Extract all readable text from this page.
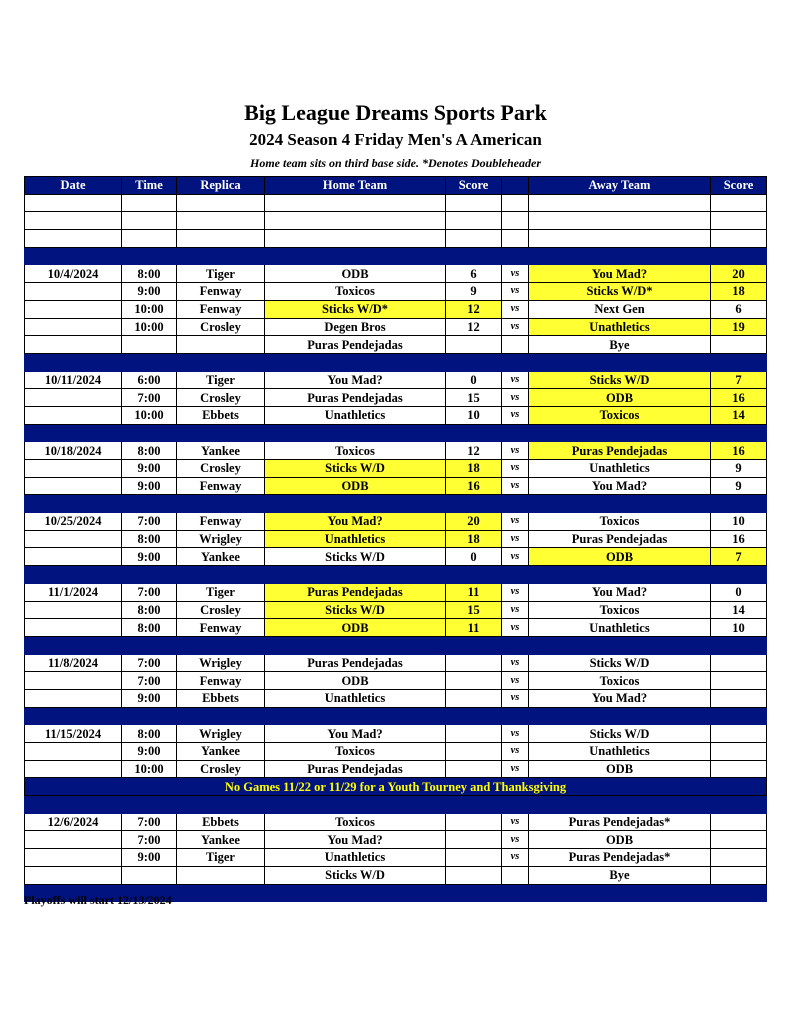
Big League Dreams Sports Park
2024 Season 4 Friday Men's A American
Home team sits on third base side. *Denotes Doubleheader
Date	Time	Replica	Home Team	Score		Away Team	Score

10/4/2024	8:00	Tiger	ODB	6	vs	You Mad?	20
	9:00	Fenway	Toxicos	9	vs	Sticks W/D*	18
	10:00	Fenway	Sticks W/D*	12	vs	Next Gen	6
	10:00	Crosley	Degen Bros	12	vs	Unathletics	19
			Puras Pendejadas			Bye	

10/11/2024	6:00	Tiger	You Mad?	0	vs	Sticks W/D	7
	7:00	Crosley	Puras Pendejadas	15	vs	ODB	16
	10:00	Ebbets	Unathletics	10	vs	Toxicos	14

10/18/2024	8:00	Yankee	Toxicos	12	vs	Puras Pendejadas	16
	9:00	Crosley	Sticks W/D	18	vs	Unathletics	9
	9:00	Fenway	ODB	16	vs	You Mad?	9

10/25/2024	7:00	Fenway	You Mad?	20	vs	Toxicos	10
	8:00	Wrigley	Unathletics	18	vs	Puras Pendejadas	16
	9:00	Yankee	Sticks W/D	0	vs	ODB	7

11/1/2024	7:00	Tiger	Puras Pendejadas	11	vs	You Mad?	0
	8:00	Crosley	Sticks W/D	15	vs	Toxicos	14
	8:00	Fenway	ODB	11	vs	Unathletics	10

11/8/2024	7:00	Wrigley	Puras Pendejadas		vs	Sticks W/D	
	7:00	Fenway	ODB		vs	Toxicos	
	9:00	Ebbets	Unathletics		vs	You Mad?	

11/15/2024	8:00	Wrigley	You Mad?		vs	Sticks W/D	
	9:00	Yankee	Toxicos		vs	Unathletics	
	10:00	Crosley	Puras Pendejadas		vs	ODB	
No Games 11/22 or 11/29 for a Youth Tourney and Thanksgiving							

12/6/2024	7:00	Ebbets	Toxicos		vs	Puras Pendejadas*	
	7:00	Yankee	You Mad?		vs	ODB	
	9:00	Tiger	Unathletics		vs	Puras Pendejadas*	
			Sticks W/D			Bye	

Playoffs will start 12/13/2024
